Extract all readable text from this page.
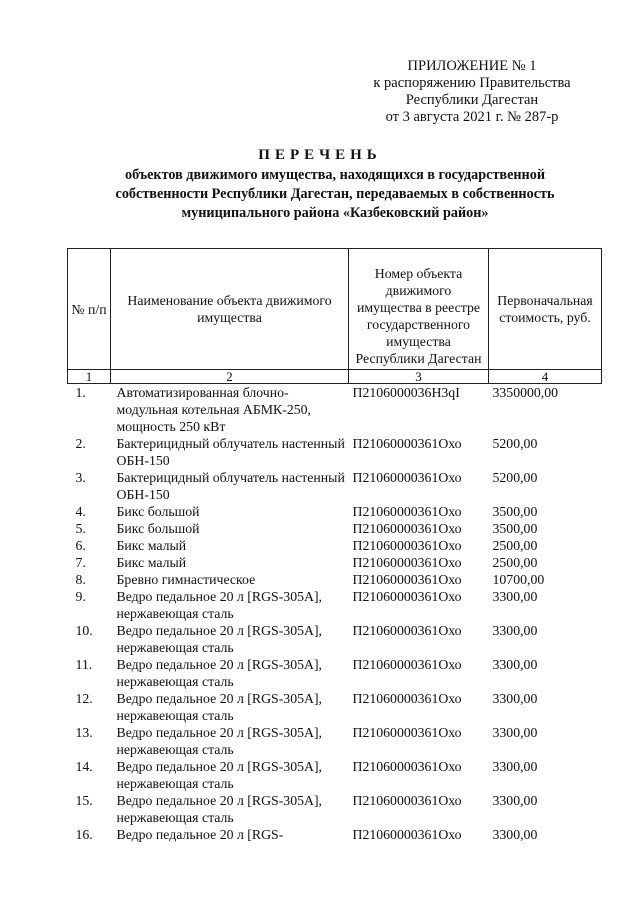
ПРИЛОЖЕНИЕ № 1
к распоряжению Правительства
Республики Дагестан
от 3 августа 2021 г. № 287-р
ПЕРЕЧЕНЬ
объектов движимого имущества, находящихся в государственной
собственности Республики Дагестан, передаваемых в собственность
муниципального района «Казбековский район»
№ п/п	Наименование объекта движимого имущества	Номер объекта движимого имущества в реестре государственного имущества Республики Дагестан	Первоначальная стоимость, руб.
1	2	3	4
1.	Автоматизированная блочно-модульная котельная АБМК-250, мощность 250 кВт	П2106000036Н3qI	3350000,00
2.	Бактерицидный облучатель настенный ОБН-150	П21060000361Охо	5200,00
3.	Бактерицидный облучатель настенный ОБН-150	П21060000361Охо	5200,00
4.	Бикс большой	П21060000361Охо	3500,00
5.	Бикс большой	П21060000361Охо	3500,00
6.	Бикс малый	П21060000361Охо	2500,00
7.	Бикс малый	П21060000361Охо	2500,00
8.	Бревно гимнастическое	П21060000361Охо	10700,00
9.	Ведро педальное 20 л [RGS-305A], нержавеющая сталь	П21060000361Охо	3300,00
10.	Ведро педальное 20 л [RGS-305A], нержавеющая сталь	П21060000361Охо	3300,00
11.	Ведро педальное 20 л [RGS-305A], нержавеющая сталь	П21060000361Охо	3300,00
12.	Ведро педальное 20 л [RGS-305A], нержавеющая сталь	П21060000361Охо	3300,00
13.	Ведро педальное 20 л [RGS-305A], нержавеющая сталь	П21060000361Охо	3300,00
14.	Ведро педальное 20 л [RGS-305A], нержавеющая сталь	П21060000361Охо	3300,00
15.	Ведро педальное 20 л [RGS-305A], нержавеющая сталь	П21060000361Охо	3300,00
16.	Ведро педальное 20 л [RGS-	П21060000361Охо	3300,00
